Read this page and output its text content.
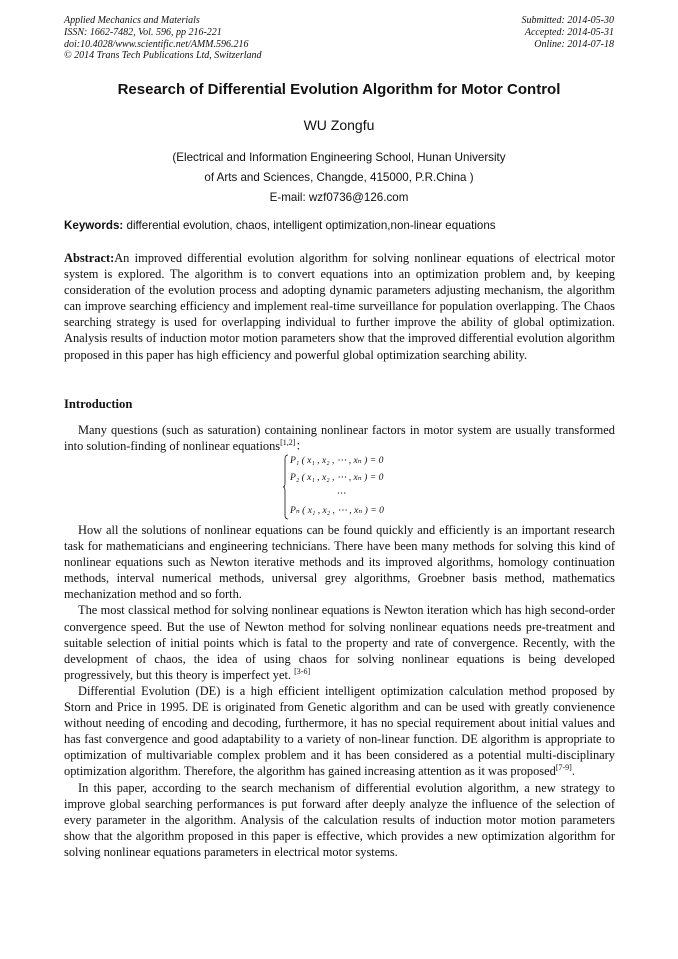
Applied Mechanics and Materials
ISSN: 1662-7482, Vol. 596, pp 216-221
doi:10.4028/www.scientific.net/AMM.596.216
© 2014 Trans Tech Publications Ltd, Switzerland
Submitted: 2014-05-30
Accepted: 2014-05-31
Online: 2014-07-18
Research of Differential Evolution Algorithm for Motor Control
WU Zongfu
(Electrical and Information Engineering School, Hunan University
of Arts and Sciences, Changde, 415000, P.R.China )
E-mail: wzf0736@126.com
Keywords: differential evolution, chaos, intelligent optimization,non-linear equations
Abstract:An improved differential evolution algorithm for solving nonlinear equations of electrical motor system is explored. The algorithm is to convert equations into an optimization problem and, by keeping consideration of the evolution process and adopting dynamic parameters adjusting mechanism, the algorithm can improve searching efficiency and implement real-time surveillance for population overlapping. The Chaos searching strategy is used for overlapping individual to further improve the ability of global optimization. Analysis results of induction motor motion parameters show that the improved differential evolution algorithm proposed in this paper has high efficiency and powerful global optimization searching ability.
Introduction

Many questions (such as saturation) containing nonlinear factors in motor system are usually transformed into solution-finding of nonlinear equations[1,2]：

P₁ ( x₁ , x₂ , ⋯ , xₙ ) = 0
P₂ ( x₁ , x₂ , ⋯ , xₙ ) = 0
⋯
Pₙ ( x₁ , x₂ , ⋯ , xₙ ) = 0

How all the solutions of nonlinear equations can be found quickly and efficiently is an important research task for mathematicians and engineering technicians. There have been many methods for solving this kind of nonlinear equations such as Newton iterative methods and its improved algorithms, homology continuation methods, interval numerical methods, universal grey algorithms, Groebner basis method, mathematics mechanization method and so forth.

The most classical method for solving nonlinear equations is Newton iteration which has high second-order convergence speed. But the use of Newton method for solving nonlinear equations needs pre-treatment and suitable selection of initial points which is fatal to the property and rate of convergence. Recently, with the development of chaos, the idea of using chaos for solving nonlinear equations is being developed progressively, but this theory is imperfect yet. [3-6]

Differential Evolution (DE) is a high efficient intelligent optimization calculation method proposed by Storn and Price in 1995. DE is originated from Genetic algorithm and can be used with greatly convienence without needing of encoding and decoding, furthermore, it has no special requirement about initial values and has fast convergence and good adaptability to a variety of non-linear function. DE algorithm is appropriate to optimization of multivariable complex problem and it has been considered as a potential multi-disciplinary optimization algorithm. Therefore, the algorithm has gained increasing attention as it was proposed[7-9].

In this paper, according to the search mechanism of differential evolution algorithm, a new strategy to improve global searching performances is put forward after deeply analyze the influence of the selection of every parameter in the algorithm. Analysis of the calculation results of induction motor motion parameters show that the algorithm proposed in this paper is effective, which provides a new optimization algorithm for solving nonlinear equations parameters in electrical motor systems.
